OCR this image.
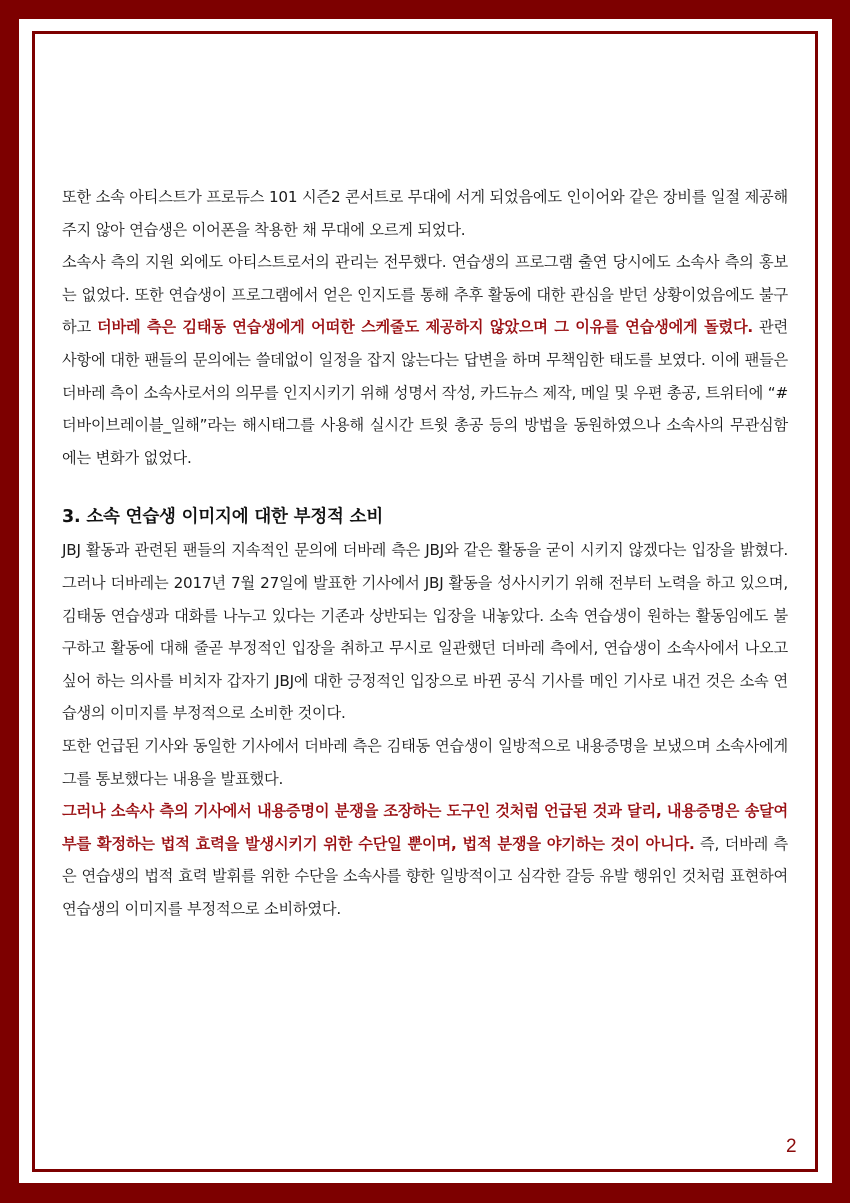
또한 소속 아티스트가 프로듀스 101 시즌2 콘서트로 무대에 서게 되었음에도 인이어와 같은 장비를 일절 제공해주지 않아 연습생은 이어폰을 착용한 채 무대에 오르게 되었다.

소속사 측의 지원 외에도 아티스트로서의 관리는 전무했다. 연습생의 프로그램 출연 당시에도 소속사 측의 홍보는 없었다. 또한 연습생이 프로그램에서 얻은 인지도를 통해 추후 활동에 대한 관심을 받던 상황이었음에도 불구하고 더바레 측은 김태동 연습생에게 어떠한 스케줄도 제공하지 않았으며 그 이유를 연습생에게 돌렸다. 관련 사항에 대한 팬들의 문의에는 쓸데없이 일정을 잡지 않는다는 답변을 하며 무책임한 태도를 보였다. 이에 팬들은 더바레 측이 소속사로서의 의무를 인지시키기 위해 성명서 작성, 카드뉴스 제작, 메일 및 우편 총공, 트위터에 “#더바이브레이블_일해”라는 해시태그를 사용해 실시간 트윗 총공 등의 방법을 동원하였으나 소속사의 무관심함에는 변화가 없었다.

3. 소속 연습생 이미지에 대한 부정적 소비

JBJ 활동과 관련된 팬들의 지속적인 문의에 더바레 측은 JBJ와 같은 활동을 굳이 시키지 않겠다는 입장을 밝혔다. 그러나 더바레는 2017년 7월 27일에 발표한 기사에서 JBJ 활동을 성사시키기 위해 전부터 노력을 하고 있으며, 김태동 연습생과 대화를 나누고 있다는 기존과 상반되는 입장을 내놓았다. 소속 연습생이 원하는 활동임에도 불구하고 활동에 대해 줄곧 부정적인 입장을 취하고 무시로 일관했던 더바레 측에서, 연습생이 소속사에서 나오고 싶어 하는 의사를 비치자 갑자기 JBJ에 대한 긍정적인 입장으로 바뀐 공식 기사를 메인 기사로 내건 것은 소속 연습생의 이미지를 부정적으로 소비한 것이다.

또한 언급된 기사와 동일한 기사에서 더바레 측은 김태동 연습생이 일방적으로 내용증명을 보냈으며 소속사에게 그를 통보했다는 내용을 발표했다.

그러나 소속사 측의 기사에서 내용증명이 분쟁을 조장하는 도구인 것처럼 언급된 것과 달리, 내용증명은 송달여부를 확정하는 법적 효력을 발생시키기 위한 수단일 뿐이며, 법적 분쟁을 야기하는 것이 아니다. 즉, 더바레 측은 연습생의 법적 효력 발휘를 위한 수단을 소속사를 향한 일방적이고 심각한 갈등 유발 행위인 것처럼 표현하여 연습생의 이미지를 부정적으로 소비하였다.

2
